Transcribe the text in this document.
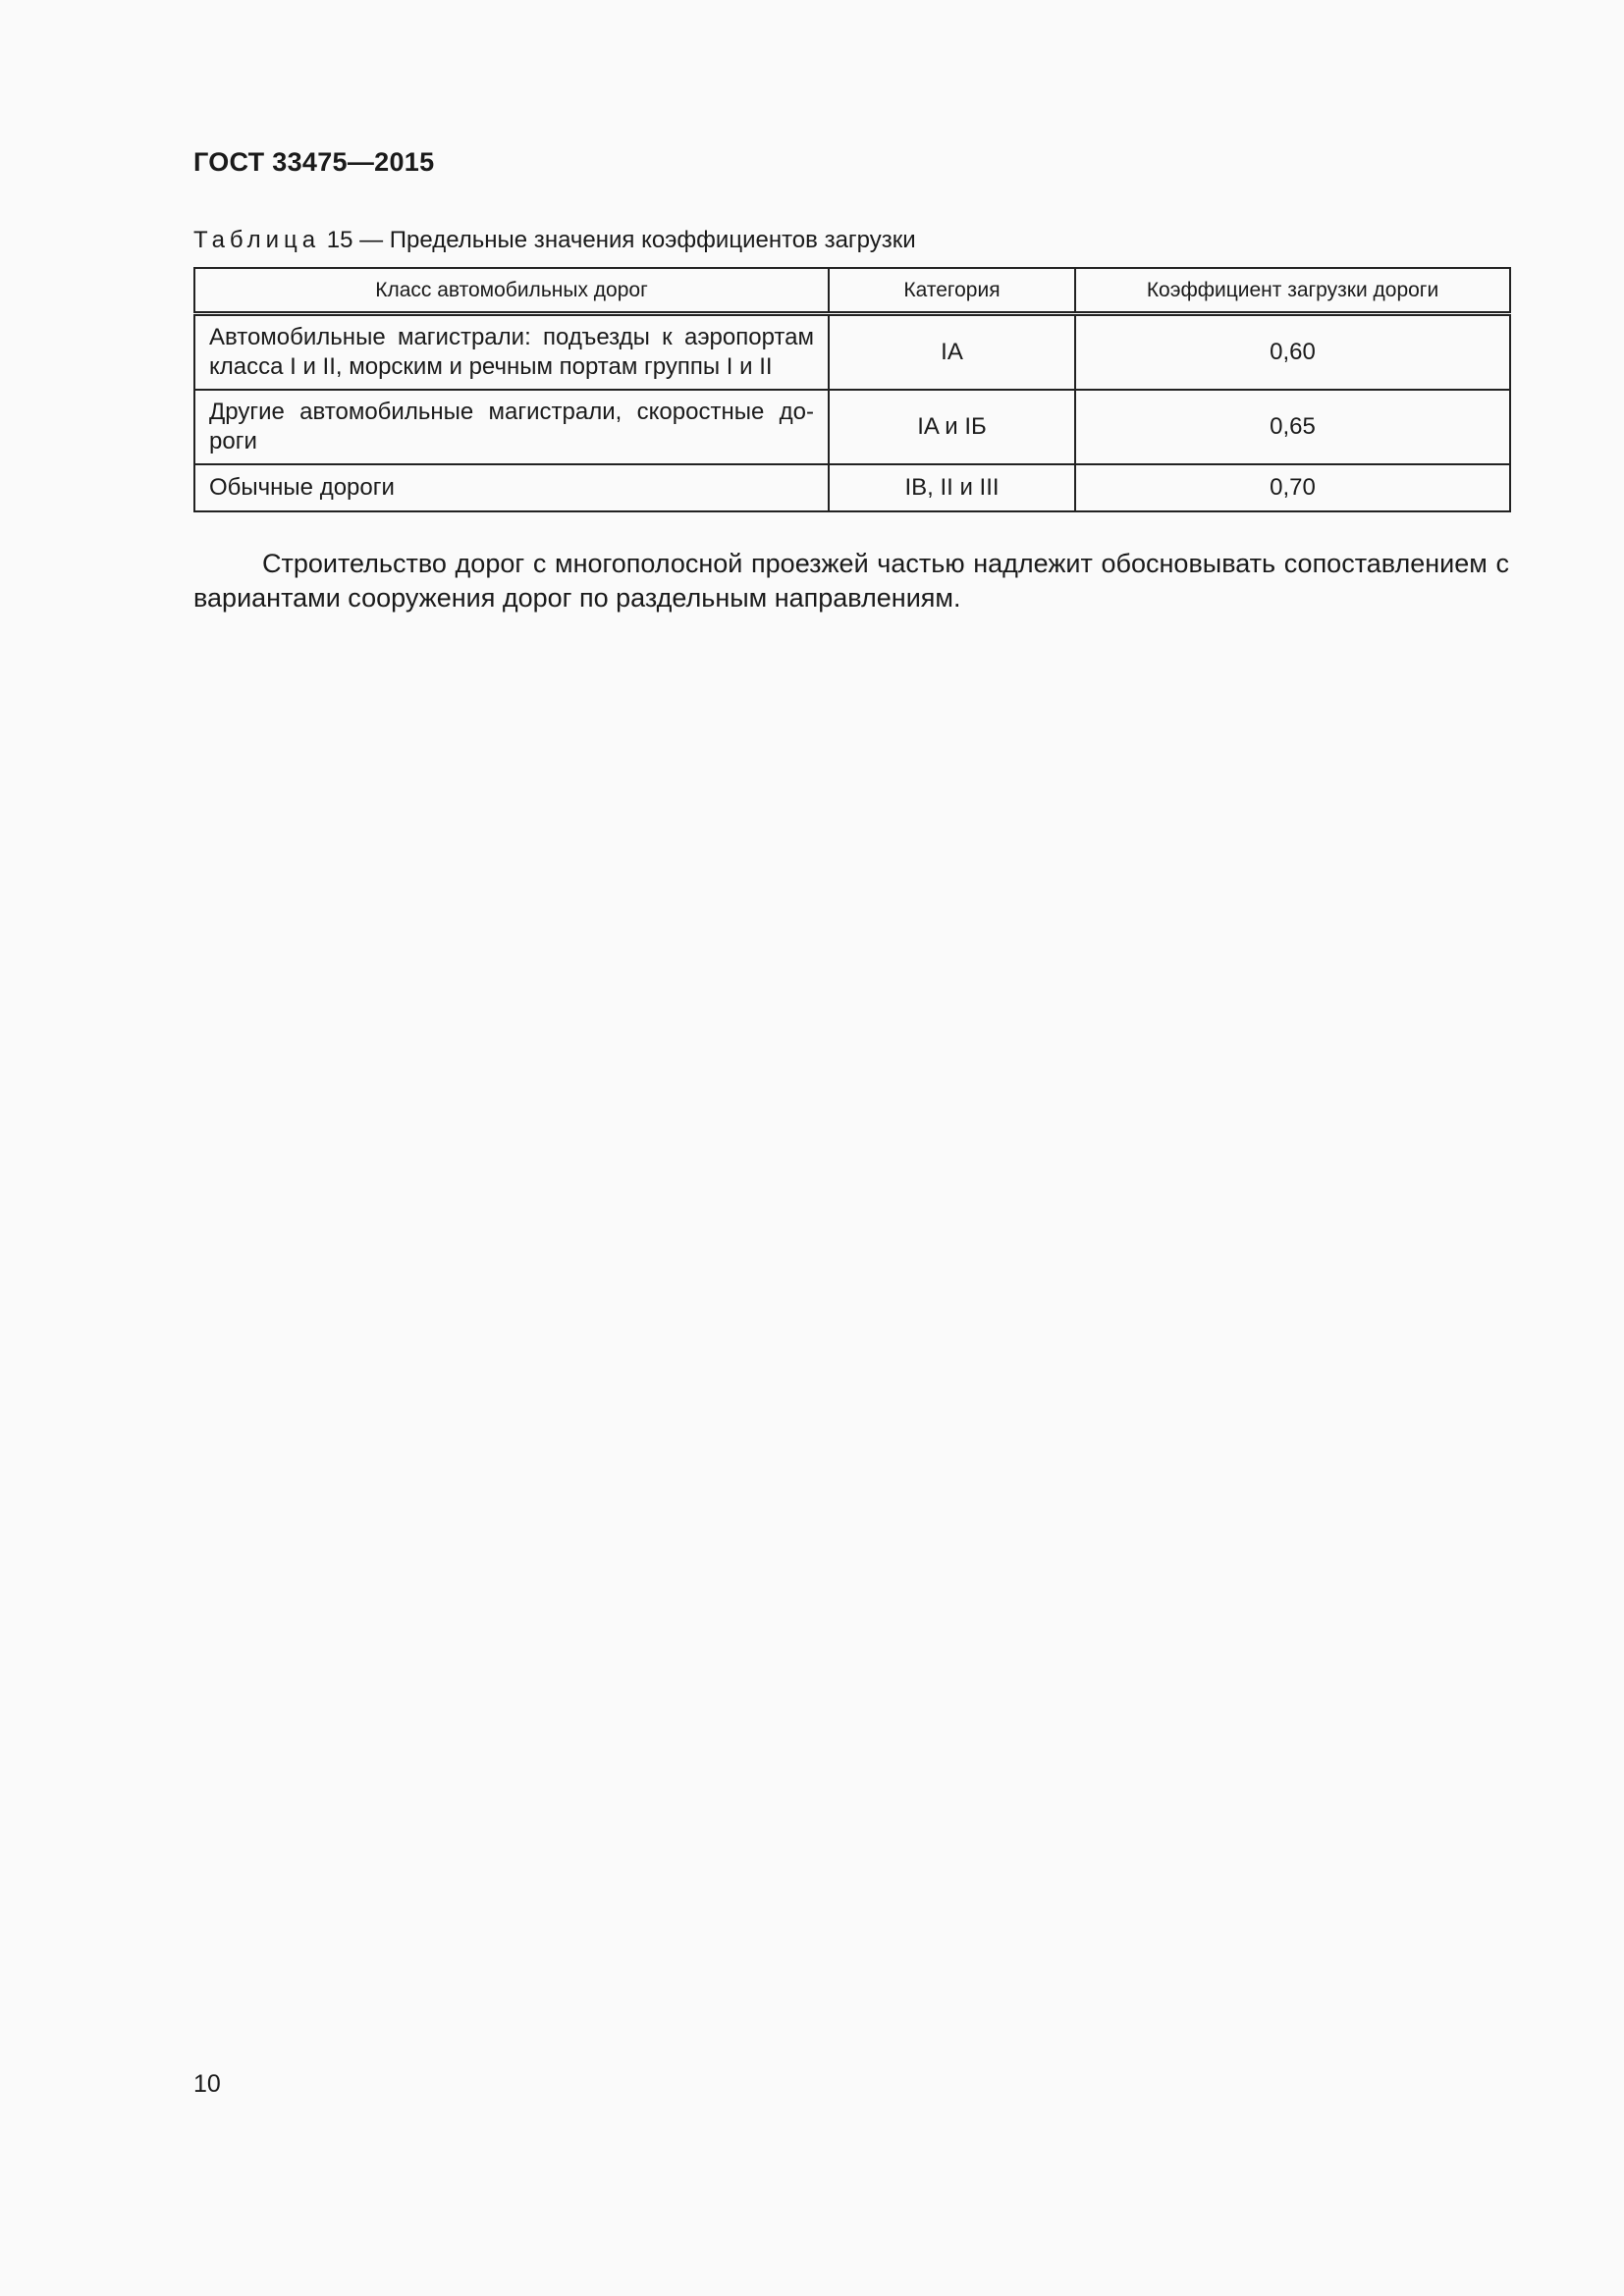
ГОСТ 33475—2015
Таблица 15 — Предельные значения коэффициентов загрузки
Класс автомобильных дорог	Категория	Коэффициент загрузки дороги
Автомобильные магистрали: подъезды к аэропортам класса I и II, морским и речным портам группы I и II	IA	0,60
Другие автомобильные магистрали, скоростные дороги	IA и IБ	0,65
Обычные дороги	IB, II и III	0,70

Строительство дорог с многополосной проезжей частью надлежит обосновывать сопоставлением с вариантами сооружения дорог по раздельным направлениям.

10
